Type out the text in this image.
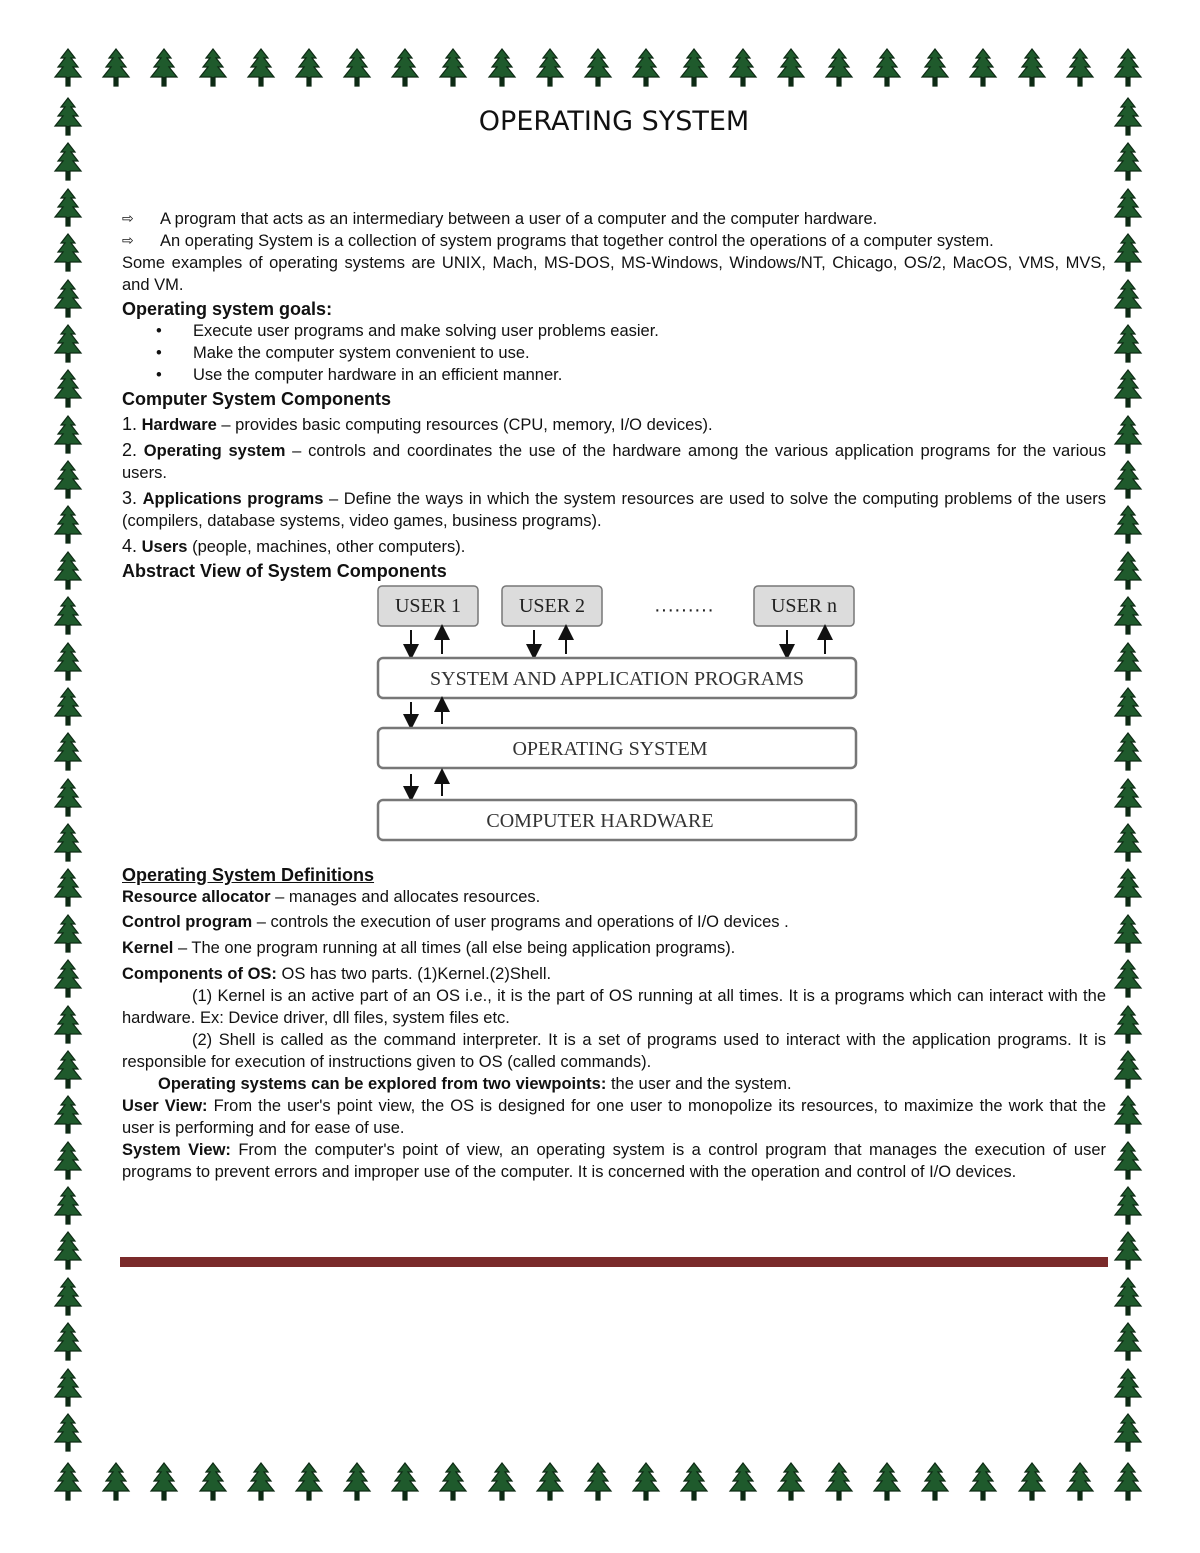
OPERATING SYSTEM
⇨ A program that acts as an intermediary between a user of a computer and the computer hardware.
⇨ An operating System is a collection of system programs that together control the operations of a computer system.
Some examples of operating systems are UNIX, Mach, MS-DOS, MS-Windows, Windows/NT, Chicago, OS/2, MacOS, VMS, MVS, and VM.
Operating system goals:
• Execute user programs and make solving user problems easier.
• Make the computer system convenient to use.
• Use the computer hardware in an efficient manner.
Computer System Components
1. Hardware – provides basic computing resources (CPU, memory, I/O devices).
2. Operating system – controls and coordinates the use of the hardware among the various application programs for the various users.
3. Applications programs – Define the ways in which the system resources are used to solve the computing problems of the users (compilers, database systems, video games, business programs).
4. Users (people, machines, other computers).
Abstract View of System Components
USER 1	USER 2	·········	USER n
SYSTEM AND APPLICATION PROGRAMS
OPERATING SYSTEM
COMPUTER HARDWARE
Operating System Definitions
Resource allocator – manages and allocates resources.
Control program – controls the execution of user programs and operations of I/O devices .
Kernel – The one program running at all times (all else being application programs).
Components of OS: OS has two parts. (1)Kernel.(2)Shell.
(1) Kernel is an active part of an OS i.e., it is the part of OS running at all times. It is a programs which can interact with the hardware. Ex: Device driver, dll files, system files etc.
(2) Shell is called as the command interpreter. It is a set of programs used to interact with the application programs. It is responsible for execution of instructions given to OS (called commands).
Operating systems can be explored from two viewpoints: the user and the system.
User View: From the user's point view, the OS is designed for one user to monopolize its resources, to maximize the work that the user is performing and for ease of use.
System View: From the computer's point of view, an operating system is a control program that manages the execution of user programs to prevent errors and improper use of the computer. It is concerned with the operation and control of I/O devices.
